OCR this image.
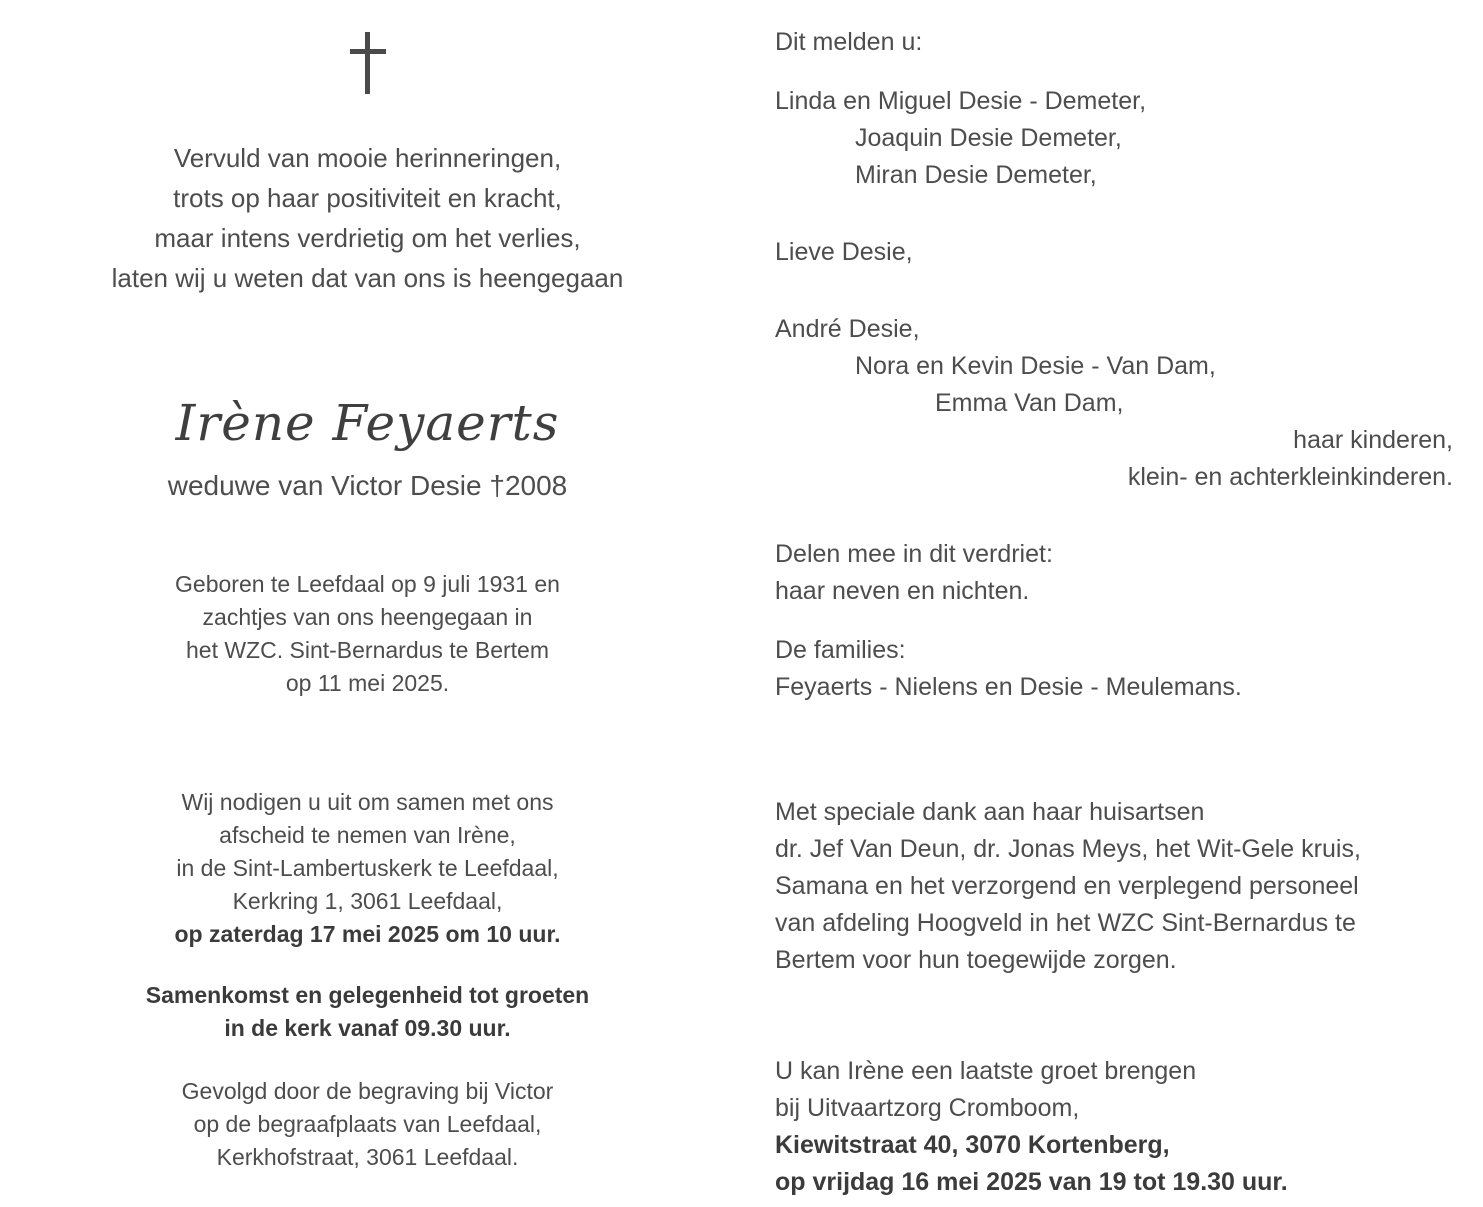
Vervuld van mooie herinneringen,
trots op haar positiviteit en kracht,
maar intens verdrietig om het verlies,
laten wij u weten dat van ons is heengegaan
Irène Feyaerts
weduwe van Victor Desie †2008
Geboren te Leefdaal op 9 juli 1931 en
zachtjes van ons heengegaan in
het WZC. Sint-Bernardus te Bertem
op 11 mei 2025.
Wij nodigen u uit om samen met ons
afscheid te nemen van Irène,
in de Sint-Lambertuskerk te Leefdaal,
Kerkring 1, 3061 Leefdaal,
op zaterdag 17 mei 2025 om 10 uur.
Samenkomst en gelegenheid tot groeten
in de kerk vanaf 09.30 uur.
Gevolgd door de begraving bij Victor
op de begraafplaats van Leefdaal,
Kerkhofstraat, 3061 Leefdaal.
Dit melden u:
Linda en Miguel Desie - Demeter,
Joaquin Desie Demeter,
Miran Desie Demeter,
Lieve Desie,
André Desie,
Nora en Kevin Desie - Van Dam,
Emma Van Dam,
haar kinderen,
klein- en achterkleinkinderen.
Delen mee in dit verdriet:
haar neven en nichten.
De families:
Feyaerts - Nielens en Desie - Meulemans.
Met speciale dank aan haar huisartsen
dr. Jef Van Deun, dr. Jonas Meys, het Wit-Gele kruis,
Samana en het verzorgend en verplegend personeel
van afdeling Hoogveld in het WZC Sint-Bernardus te
Bertem voor hun toegewijde zorgen.
U kan Irène een laatste groet brengen
bij Uitvaartzorg Cromboom,
Kiewitstraat 40, 3070 Kortenberg,
op vrijdag 16 mei 2025 van 19 tot 19.30 uur.
